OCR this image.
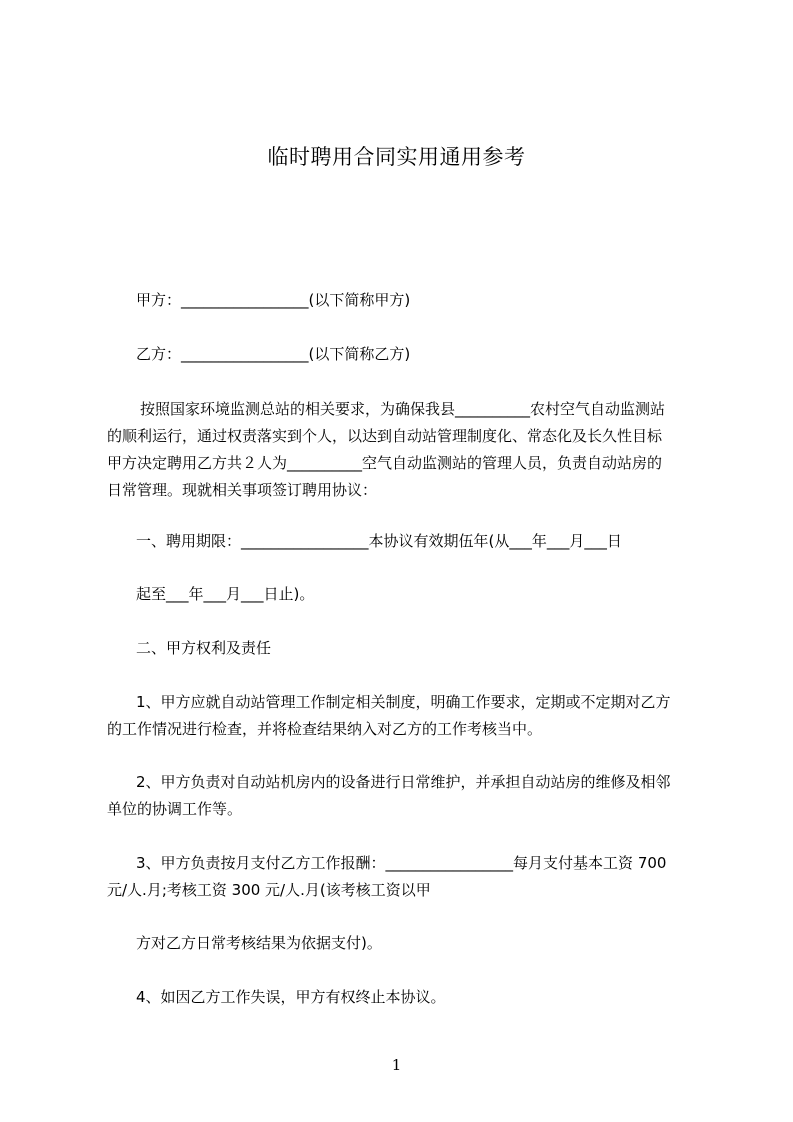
临时聘用合同实用通用参考
甲方：_________________(以下简称甲方)
乙方：_________________(以下简称乙方)
按照国家环境监测总站的相关要求，为确保我县__________农村空气自动监测站
的顺利运行，通过权责落实到个人，以达到自动站管理制度化、常态化及长久性目标
甲方决定聘用乙方共２人为__________空气自动监测站的管理人员，负责自动站房的
日常管理。现就相关事项签订聘用协议：
一、聘用期限：_________________本协议有效期伍年(从___年___月___日
起至___年___月___日止)。
二、甲方权利及责任
1、甲方应就自动站管理工作制定相关制度，明确工作要求，定期或不定期对乙方
的工作情况进行检查，并将检查结果纳入对乙方的工作考核当中。
2、甲方负责对自动站机房内的设备进行日常维护，并承担自动站房的维修及相邻
单位的协调工作等。
3、甲方负责按月支付乙方工作报酬：_________________每月支付基本工资 700
元/人.月;考核工资 300 元/人.月(该考核工资以甲
方对乙方日常考核结果为依据支付)。
4、如因乙方工作失误，甲方有权终止本协议。
1
